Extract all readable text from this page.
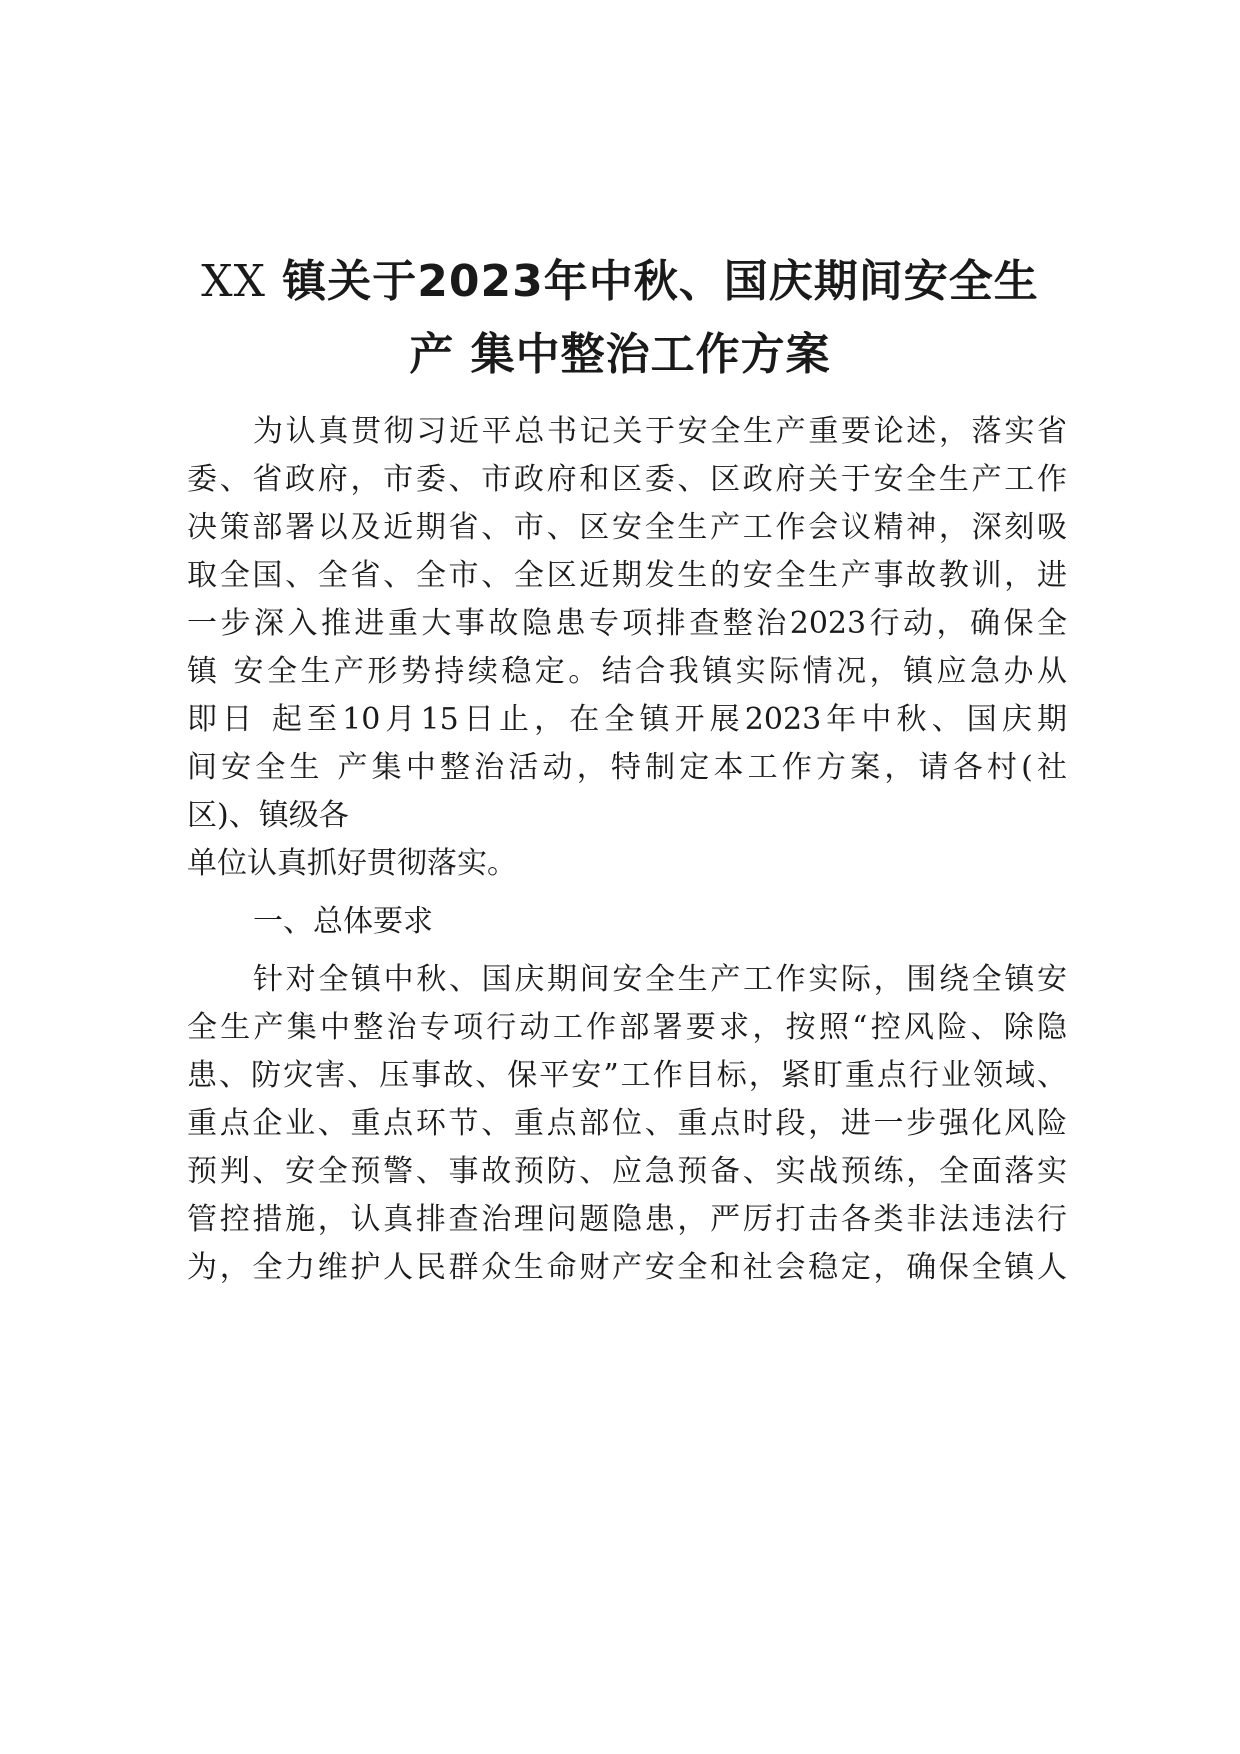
XX 镇关于2023年中秋、国庆期间安全生
产 集中整治工作方案
为认真贯彻习近平总书记关于安全生产重要论述，落实省
委、省政府，市委、市政府和区委、区政府关于安全生产工作
决策部署以及近期省、市、区安全生产工作会议精神，深刻吸
取全国、全省、全市、全区近期发生的安全生产事故教训，进
一步深入推进重大事故隐患专项排查整治2023行动，确保全
镇 安全生产形势持续稳定。结合我镇实际情况，镇应急办从
即日 起至10月15日止，在全镇开展2023年中秋、国庆期
间安全生 产集中整治活动，特制定本工作方案，请各村(社
区)、镇级各
单位认真抓好贯彻落实。
一、总体要求
针对全镇中秋、国庆期间安全生产工作实际，围绕全镇安
全生产集中整治专项行动工作部署要求，按照“控风险、除隐
患、防灾害、压事故、保平安”工作目标，紧盯重点行业领域、
重点企业、重点环节、重点部位、重点时段，进一步强化风险
预判、安全预警、事故预防、应急预备、实战预练，全面落实
管控措施，认真排查治理问题隐患，严厉打击各类非法违法行
为，全力维护人民群众生命财产安全和社会稳定，确保全镇人
